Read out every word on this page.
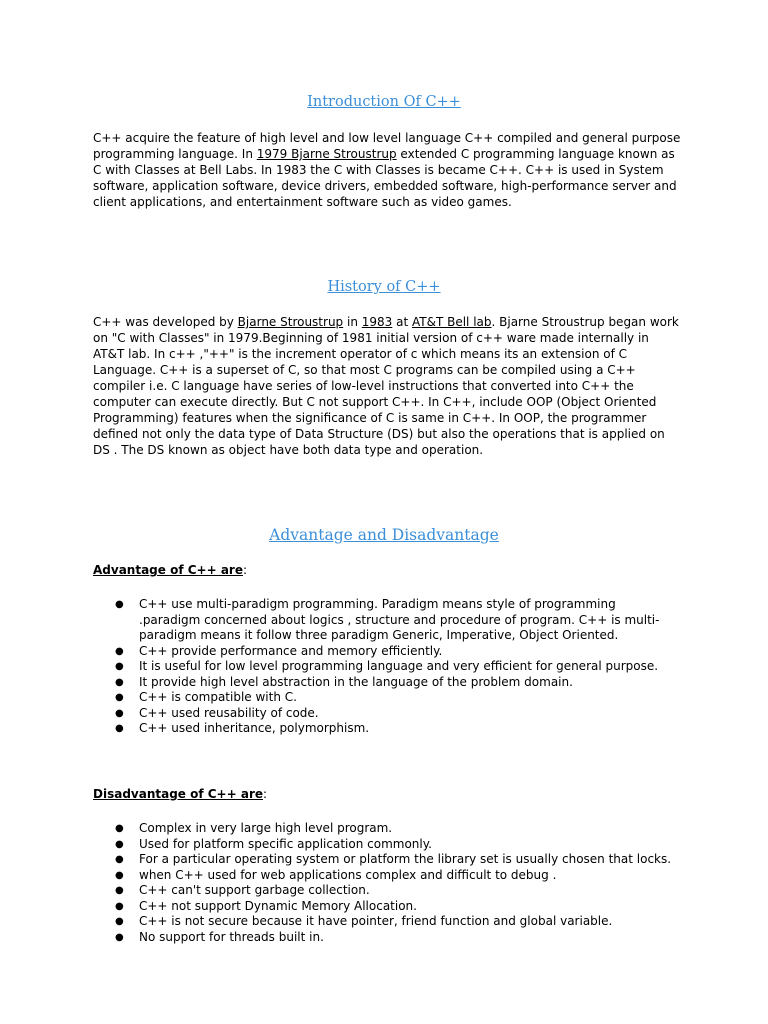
Introduction Of C++

C++ acquire the feature of high level and low level language C++ compiled and general purpose programming language. In 1979 Bjarne Stroustrup extended C programming language known as C with Classes at Bell Labs. In 1983 the C with Classes is became C++. C++ is used in System software, application software, device drivers, embedded software, high-performance server and client applications, and entertainment software such as video games.

History of C++

C++ was developed by Bjarne Stroustrup in 1983 at AT&T Bell lab. Bjarne Stroustrup began work on "C with Classes" in 1979.Beginning of 1981 initial version of c++ ware made internally in AT&T lab. In c++ ,"++" is the increment operator of c which means its an extension of C Language. C++ is a superset of C, so that most C programs can be compiled using a C++ compiler i.e. C language have series of low-level instructions that converted into C++ the computer can execute directly. But C not support C++. In C++, include OOP (Object Oriented Programming) features when the significance of C is same in C++. In OOP, the programmer defined not only the data type of Data Structure (DS) but also the operations that is applied on DS . The DS known as object have both data type and operation.

Advantage and Disadvantage

Advantage of C++ are:

● C++ use multi-paradigm programming. Paradigm means style of programming .paradigm concerned about logics , structure and procedure of program. C++ is multi-paradigm means it follow three paradigm Generic, Imperative, Object Oriented.
● C++ provide performance and memory efficiently.
● It is useful for low level programming language and very efficient for general purpose.
● It provide high level abstraction in the language of the problem domain.
● C++ is compatible with C.
● C++ used reusability of code.
● C++ used inheritance, polymorphism.

Disadvantage of C++ are:

● Complex in very large high level program.
● Used for platform specific application commonly.
● For a particular operating system or platform the library set is usually chosen that locks.
● when C++ used for web applications complex and difficult to debug .
● C++ can't support garbage collection.
● C++ not support Dynamic Memory Allocation.
● C++ is not secure because it have pointer, friend function and global variable.
● No support for threads built in.
